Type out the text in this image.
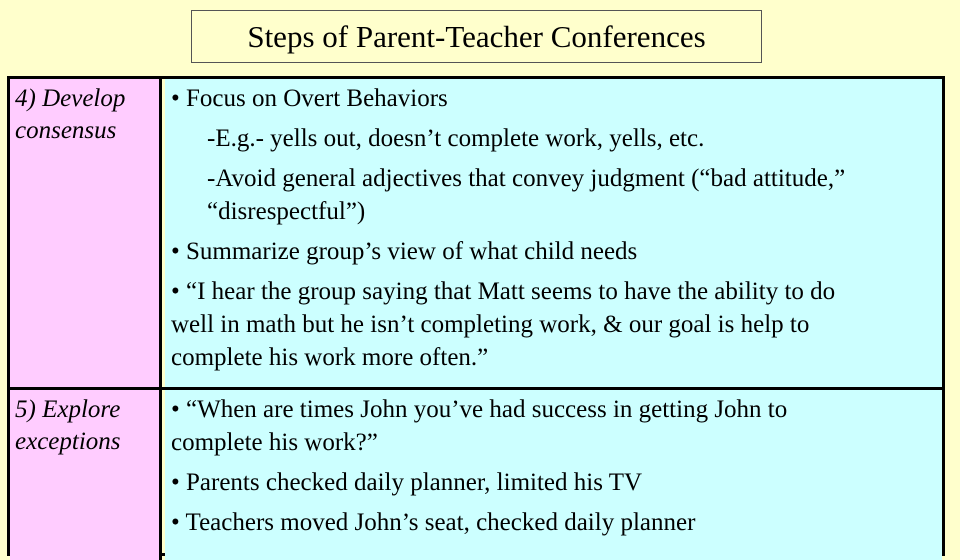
Steps of Parent-Teacher Conferences
4) Develop
consensus
• Focus on Overt Behaviors
-E.g.- yells out, doesn’t complete work, yells, etc.
-Avoid general adjectives that convey judgment (“bad attitude,”
“disrespectful”)
• Summarize group’s view of what child needs
• “I hear the group saying that Matt seems to have the ability to do
well in math but he isn’t completing work, & our goal is help to
complete his work more often.”
5) Explore
exceptions
• “When are times John you’ve had success in getting John to
complete his work?”
• Parents checked daily planner, limited his TV
• Teachers moved John’s seat, checked daily planner
